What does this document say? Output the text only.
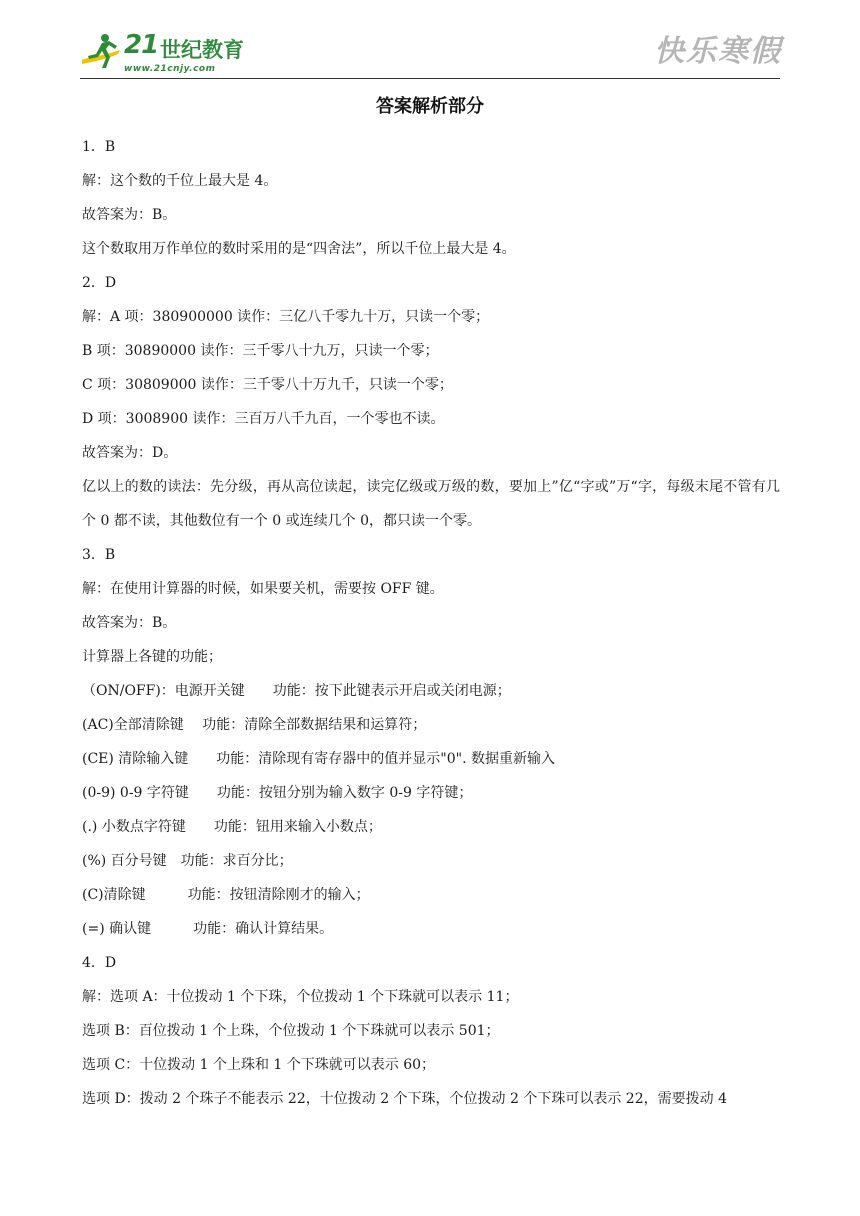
21 世纪教育
www.21cnjy.com	快乐寒假
答案解析部分
1．B
解：这个数的千位上最大是 4。
故答案为：B。
这个数取用万作单位的数时采用的是“四舍法”，所以千位上最大是 4。
2．D
解：A 项：380900000 读作：三亿八千零九十万，只读一个零；
B 项：30890000 读作：三千零八十九万，只读一个零；
C 项：30809000 读作：三千零八十万九千，只读一个零；
D 项：3008900 读作：三百万八千九百，一个零也不读。
故答案为：D。
亿以上的数的读法：先分级，再从高位读起，读完亿级或万级的数，要加上”亿“字或”万“字，每级末尾不管有几个 0 都不读，其他数位有一个 0 或连续几个 0，都只读一个零。
3．B
解：在使用计算器的时候，如果要关机，需要按 OFF 键。
故答案为：B。
计算器上各键的功能；
（ON/OFF)：电源开关键　　功能：按下此键表示开启或关闭电源；
(AC)全部清除键　 功能：清除全部数据结果和运算符；
(CE) 清除输入键　　功能：清除现有寄存器中的值并显示"0". 数据重新输入
(0-9) 0-9 字符键　　功能：按钮分别为输入数字 0-9 字符键；
(.) 小数点字符键　　功能：钮用来输入小数点；
(%) 百分号键　功能：求百分比；
(C)清除键　　　功能：按钮清除刚才的输入；
(=) 确认键　　　功能：确认计算结果。
4．D
解：选项 A：十位拨动 1 个下珠，个位拨动 1 个下珠就可以表示 11；
选项 B：百位拨动 1 个上珠，个位拨动 1 个下珠就可以表示 501；
选项 C：十位拨动 1 个上珠和 1 个下珠就可以表示 60；
选项 D：拨动 2 个珠子不能表示 22，十位拨动 2 个下珠，个位拨动 2 个下珠可以表示 22，需要拨动 4
